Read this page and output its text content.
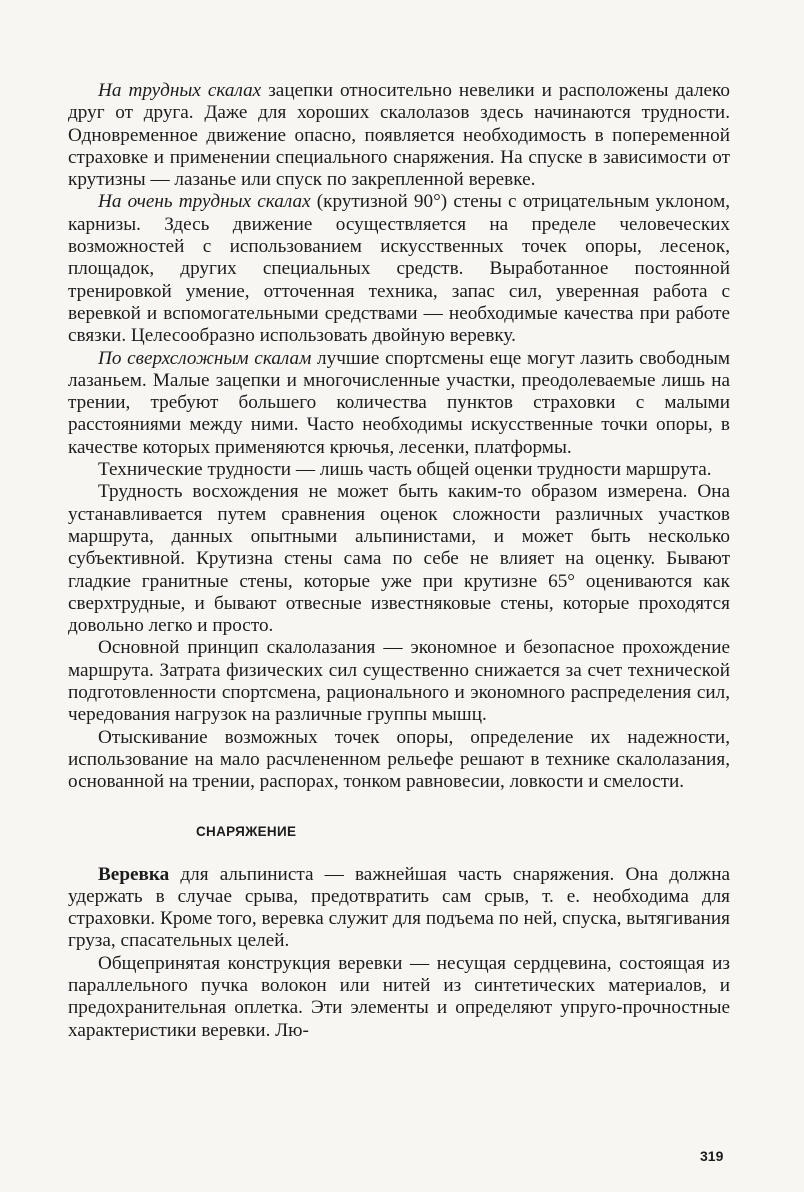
На трудных скалах зацепки относительно невелики и расположены далеко друг от друга. Даже для хороших скалолазов здесь начинаются трудности. Одновременное движение опасно, появляется необходимость в попеременной страховке и применении специального снаряжения. На спуске в зависимости от крутизны — лазанье или спуск по закрепленной веревке.

На очень трудных скалах (крутизной 90°) стены с отрицательным уклоном, карнизы. Здесь движение осуществляется на пределе человеческих возможностей с использованием искусственных точек опоры, лесенок, площадок, других специальных средств. Выработанное постоянной тренировкой умение, отточенная техника, запас сил, уверенная работа с веревкой и вспомогательными средствами — необходимые качества при работе связки. Целесообразно использовать двойную веревку.

По сверхсложным скалам лучшие спортсмены еще могут лазить свободным лазаньем. Малые зацепки и многочисленные участки, преодолеваемые лишь на трении, требуют большего количества пунктов страховки с малыми расстояниями между ними. Часто необходимы искусственные точки опоры, в качестве которых применяются крючья, лесенки, платформы.

Технические трудности — лишь часть общей оценки трудности маршрута.

Трудность восхождения не может быть каким-то образом измерена. Она устанавливается путем сравнения оценок сложности различных участков маршрута, данных опытными альпинистами, и может быть несколько субъективной. Крутизна стены сама по себе не влияет на оценку. Бывают гладкие гранитные стены, которые уже при крутизне 65° оцениваются как сверхтрудные, и бывают отвесные известняковые стены, которые проходятся довольно легко и просто.

Основной принцип скалолазания — экономное и безопасное прохождение маршрута. Затрата физических сил существенно снижается за счет технической подготовленности спортсмена, рационального и экономного распределения сил, чередования нагрузок на различные группы мышц.

Отыскивание возможных точек опоры, определение их надежности, использование на мало расчлененном рельефе решают в технике скалолазания, основанной на трении, распорах, тонком равновесии, ловкости и смелости.

СНАРЯЖЕНИЕ

Веревка для альпиниста — важнейшая часть снаряжения. Она должна удержать в случае срыва, предотвратить сам срыв, т. е. необходима для страховки. Кроме того, веревка служит для подъема по ней, спуска, вытягивания груза, спасательных целей.

Общепринятая конструкция веревки — несущая сердцевина, состоящая из параллельного пучка волокон или нитей из синтетических материалов, и предохранительная оплетка. Эти элементы и определяют упруго-прочностные характеристики веревки. Лю-

319
